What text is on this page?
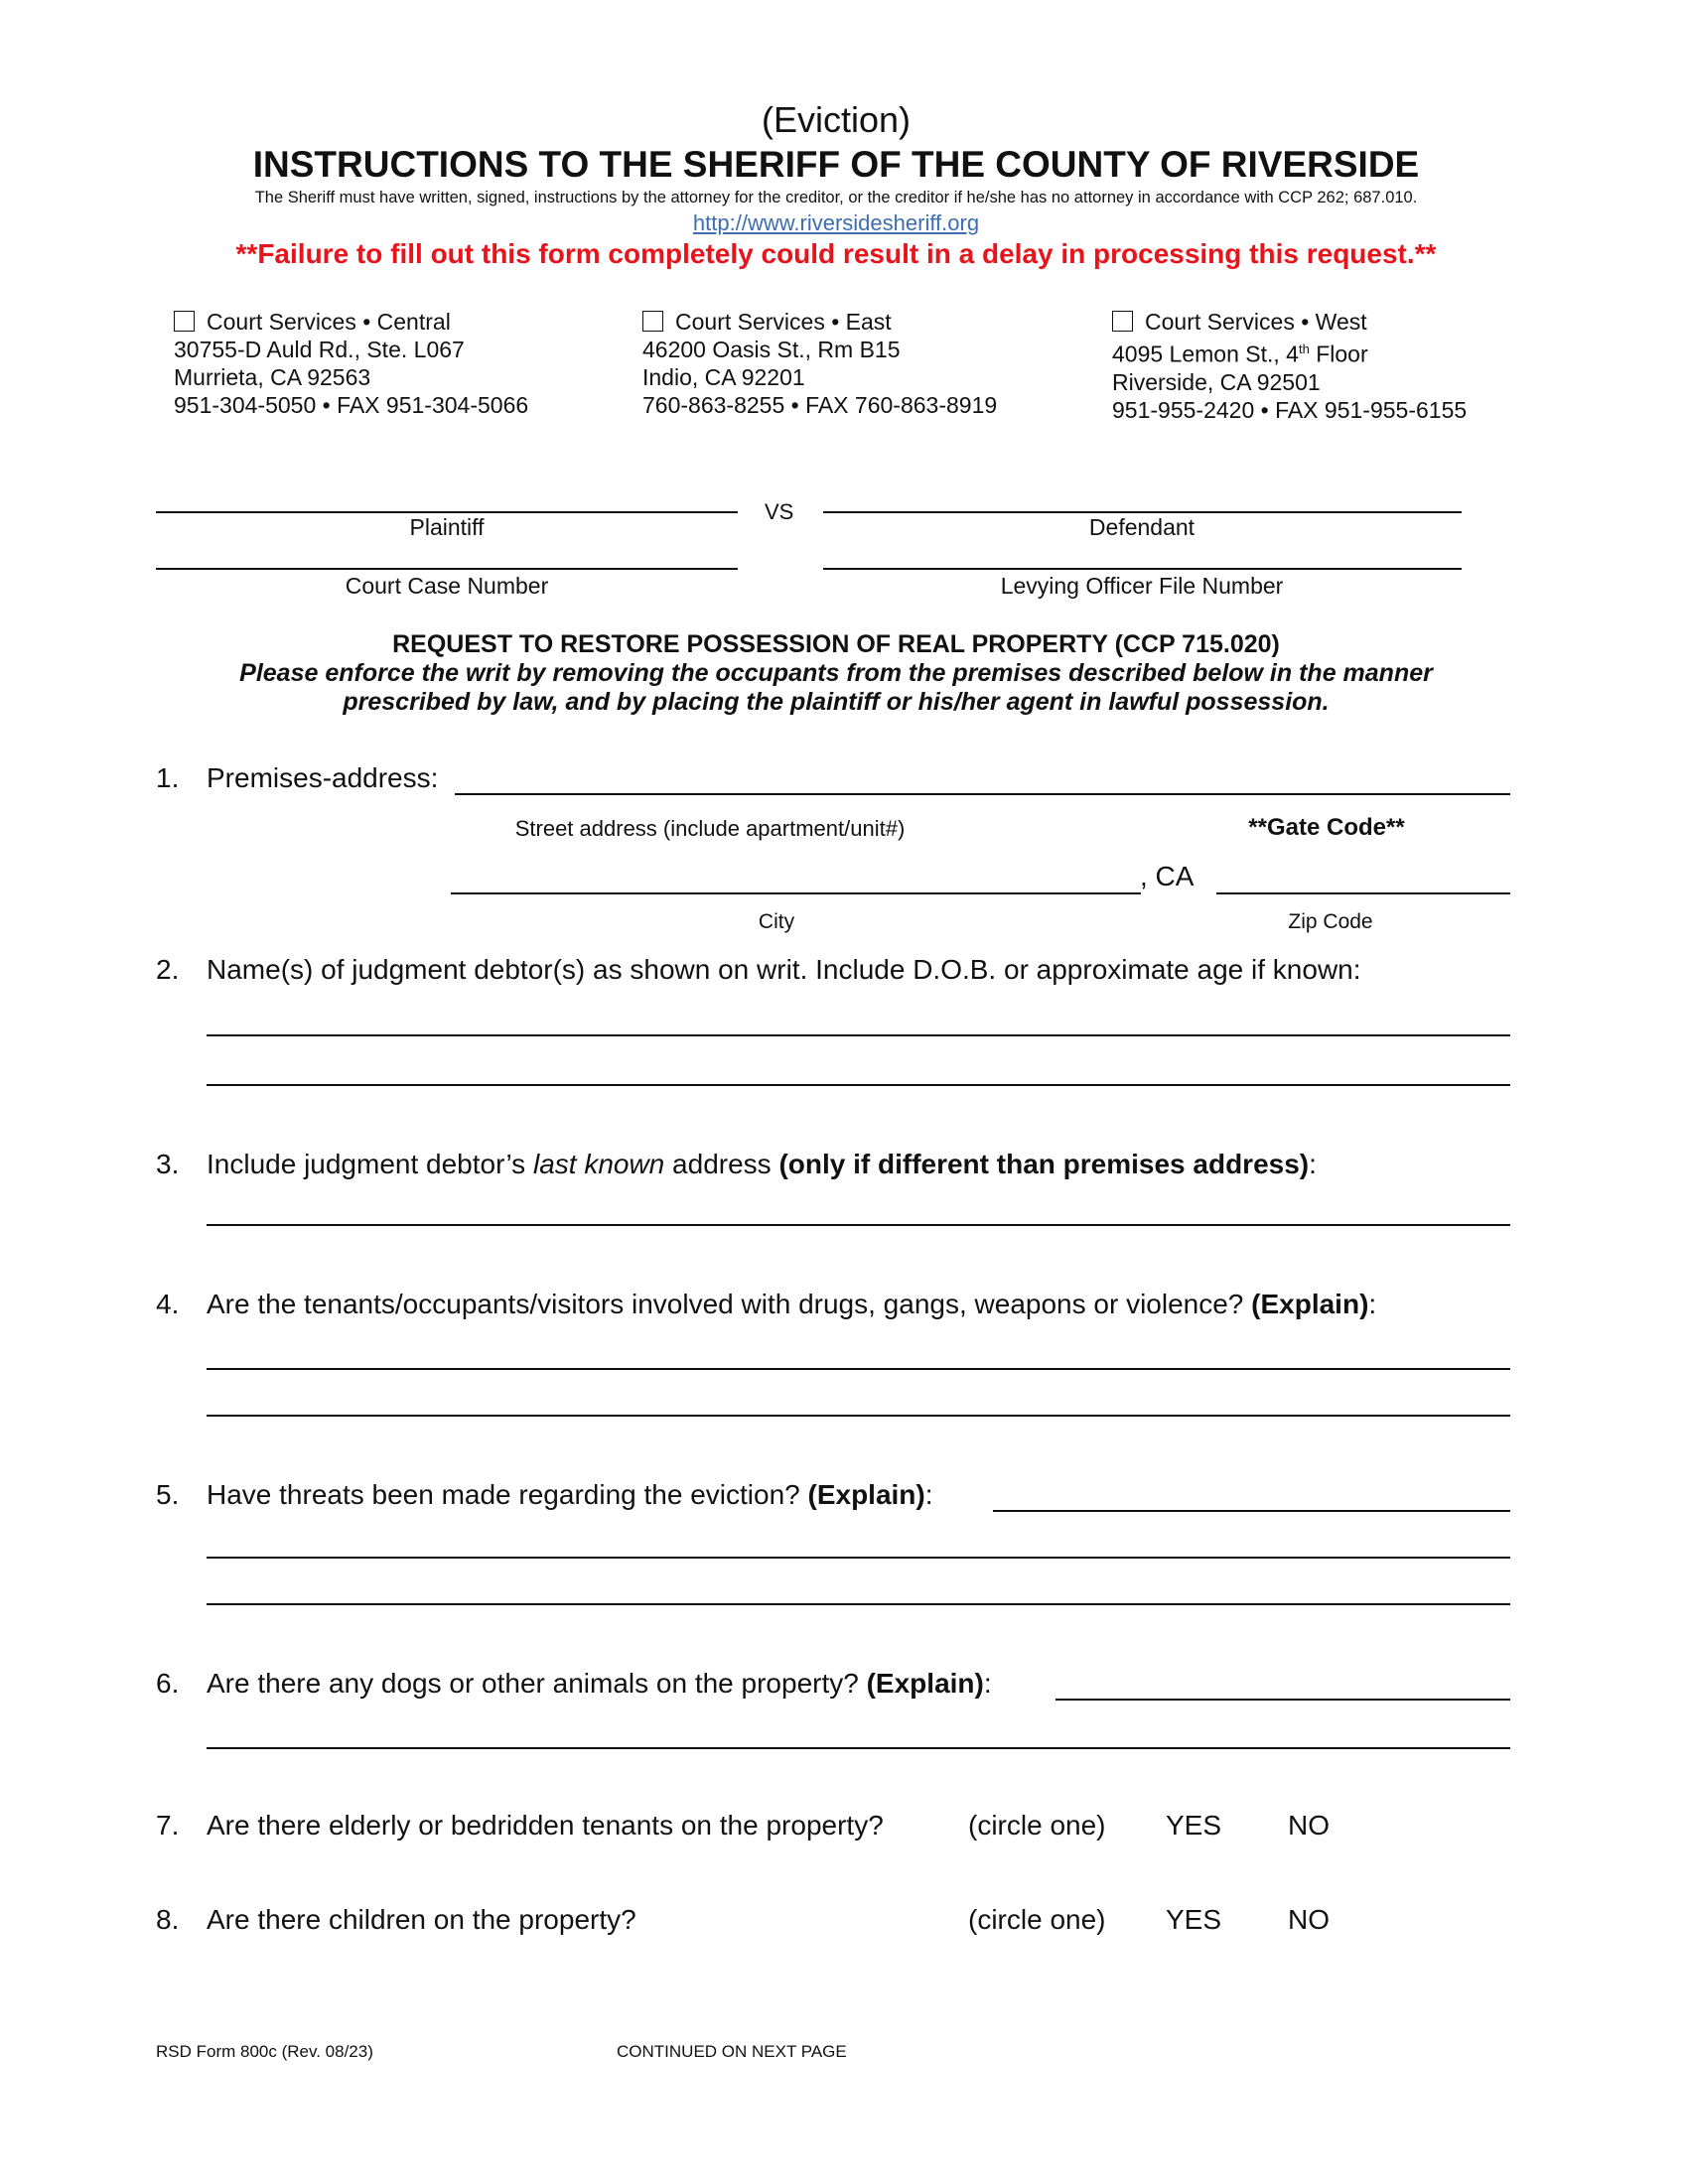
(Eviction)
INSTRUCTIONS TO THE SHERIFF OF THE COUNTY OF RIVERSIDE
The Sheriff must have written, signed, instructions by the attorney for the creditor, or the creditor if he/she has no attorney in accordance with CCP 262; 687.010.
http://www.riversidesheriff.org
**Failure to fill out this form completely could result in a delay in processing this request.**
Court Services • Central
30755-D Auld Rd., Ste. L067
Murrieta, CA 92563
951-304-5050 • FAX 951-304-5066
Court Services • East
46200 Oasis St., Rm B15
Indio, CA 92201
760-863-8255 • FAX 760-863-8919
Court Services • West
4095 Lemon St., 4th Floor
Riverside, CA 92501
951-955-2420 • FAX 951-955-6155
VS
Plaintiff	Defendant
Court Case Number	Levying Officer File Number
REQUEST TO RESTORE POSSESSION OF REAL PROPERTY (CCP 715.020)
Please enforce the writ by removing the occupants from the premises described below in the manner
prescribed by law, and by placing the plaintiff or his/her agent in lawful possession.
1. Premises-address:
Street address (include apartment/unit#)	**Gate Code**
, CA
City	Zip Code
2. Name(s) of judgment debtor(s) as shown on writ. Include D.O.B. or approximate age if known:
3. Include judgment debtor’s last known address (only if different than premises address):
4. Are the tenants/occupants/visitors involved with drugs, gangs, weapons or violence? (Explain):
5. Have threats been made regarding the eviction? (Explain):
6. Are there any dogs or other animals on the property? (Explain):
7. Are there elderly or bedridden tenants on the property?	(circle one) YES NO
8. Are there children on the property?	(circle one) YES NO
RSD Form 800c (Rev. 08/23)	CONTINUED ON NEXT PAGE
